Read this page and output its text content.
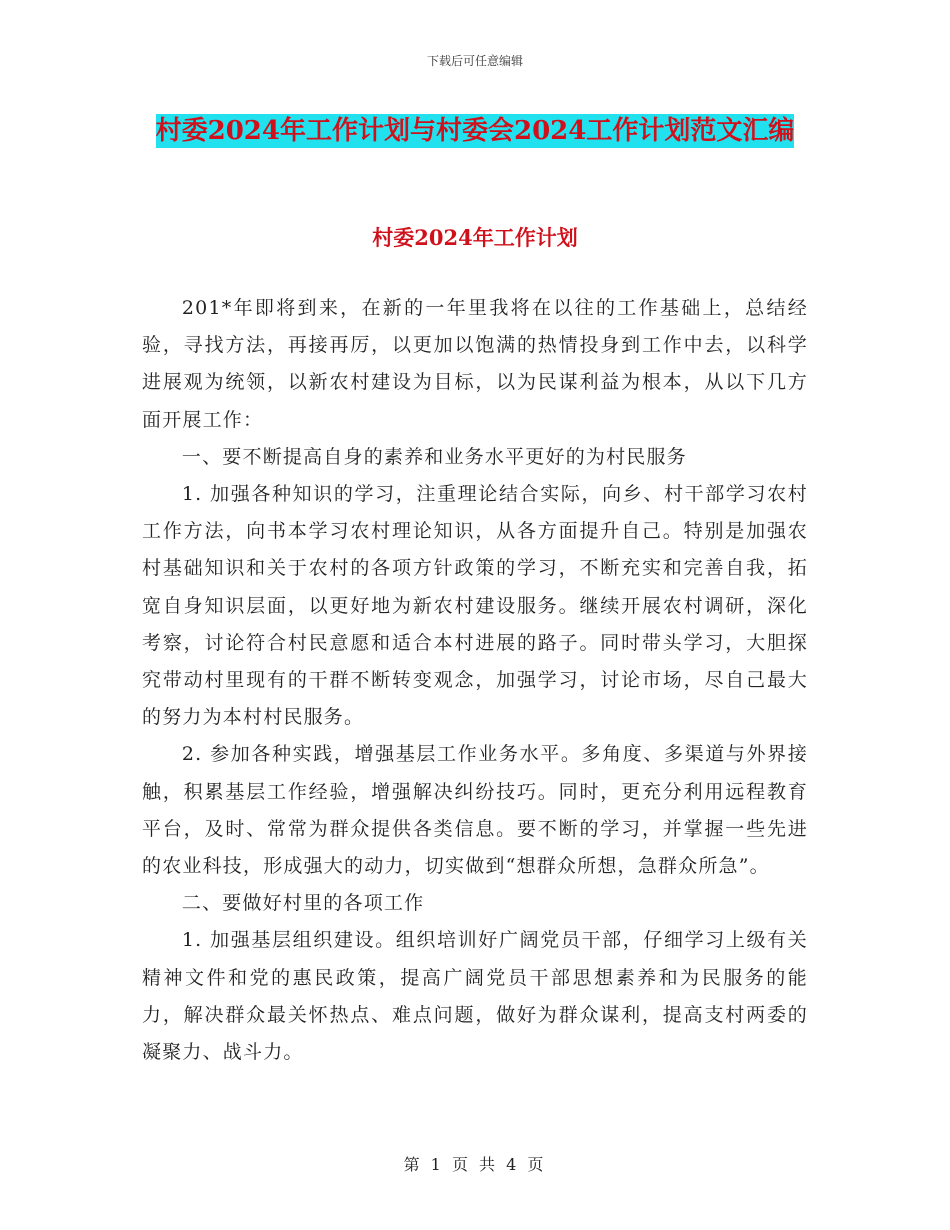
下载后可任意编辑
村委2024年工作计划与村委会2024工作计划范文汇编
村委2024年工作计划

201*年即将到来，在新的一年里我将在以往的工作基础上，总结经验，寻找方法，再接再厉，以更加以饱满的热情投身到工作中去，以科学进展观为统领，以新农村建设为目标，以为民谋利益为根本，从以下几方面开展工作：

一、要不断提高自身的素养和业务水平更好的为村民服务

1. 加强各种知识的学习，注重理论结合实际，向乡、村干部学习农村工作方法，向书本学习农村理论知识，从各方面提升自己。特别是加强农村基础知识和关于农村的各项方针政策的学习，不断充实和完善自我，拓宽自身知识层面，以更好地为新农村建设服务。继续开展农村调研，深化考察，讨论符合村民意愿和适合本村进展的路子。同时带头学习，大胆探究带动村里现有的干群不断转变观念，加强学习，讨论市场，尽自己最大的努力为本村村民服务。

2. 参加各种实践，增强基层工作业务水平。多角度、多渠道与外界接触，积累基层工作经验，增强解决纠纷技巧。同时，更充分利用远程教育平台，及时、常常为群众提供各类信息。要不断的学习，并掌握一些先进的农业科技，形成强大的动力，切实做到“想群众所想，急群众所急”。

二、要做好村里的各项工作

1. 加强基层组织建设。组织培训好广阔党员干部，仔细学习上级有关精神文件和党的惠民政策，提高广阔党员干部思想素养和为民服务的能力，解决群众最关怀热点、难点问题，做好为群众谋利，提高支村两委的凝聚力、战斗力。

第 1 页 共 4 页
